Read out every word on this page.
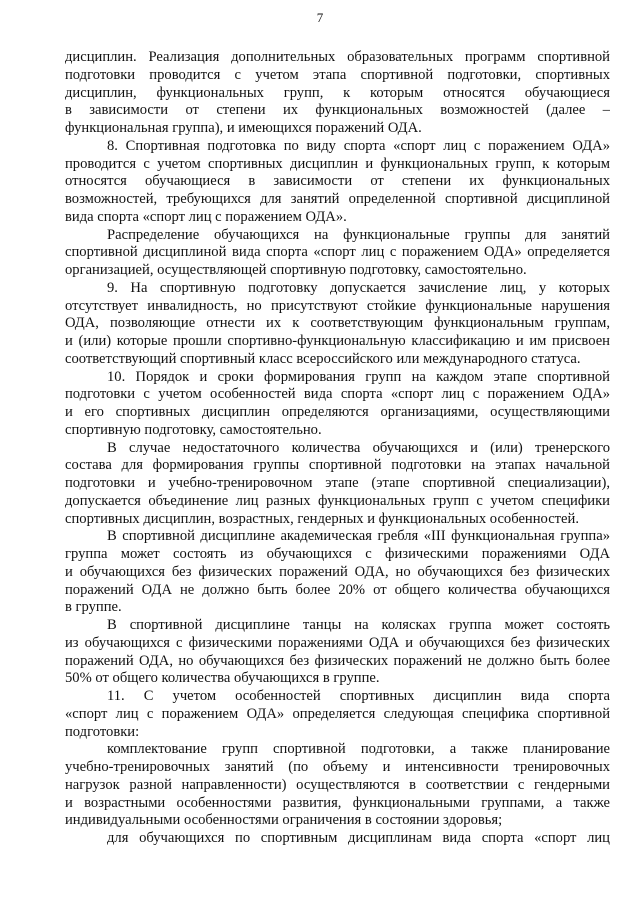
7
дисциплин. Реализация дополнительных образовательных программ спортивной
подготовки проводится с учетом этапа спортивной подготовки, спортивных
дисциплин, функциональных групп, к которым относятся обучающиеся
в зависимости от степени их функциональных возможностей (далее –
функциональная группа), и имеющихся поражений ОДА.
8. Спортивная подготовка по виду спорта «спорт лиц с поражением ОДА»
проводится с учетом спортивных дисциплин и функциональных групп, к которым
относятся обучающиеся в зависимости от степени их функциональных
возможностей, требующихся для занятий определенной спортивной дисциплиной
вида спорта «спорт лиц с поражением ОДА».
Распределение обучающихся на функциональные группы для занятий
спортивной дисциплиной вида спорта «спорт лиц с поражением ОДА» определяется
организацией, осуществляющей спортивную подготовку, самостоятельно.
9. На спортивную подготовку допускается зачисление лиц, у которых
отсутствует инвалидность, но присутствуют стойкие функциональные нарушения
ОДА, позволяющие отнести их к соответствующим функциональным группам,
и (или) которые прошли спортивно-функциональную классификацию и им присвоен
соответствующий спортивный класс всероссийского или международного статуса.
10. Порядок и сроки формирования групп на каждом этапе спортивной
подготовки с учетом особенностей вида спорта «спорт лиц с поражением ОДА»
и его спортивных дисциплин определяются организациями, осуществляющими
спортивную подготовку, самостоятельно.
В случае недостаточного количества обучающихся и (или) тренерского
состава для формирования группы спортивной подготовки на этапах начальной
подготовки и учебно-тренировочном этапе (этапе спортивной специализации),
допускается объединение лиц разных функциональных групп с учетом специфики
спортивных дисциплин, возрастных, гендерных и функциональных особенностей.
В спортивной дисциплине академическая гребля «III функциональная группа»
группа может состоять из обучающихся с физическими поражениями ОДА
и обучающихся без физических поражений ОДА, но обучающихся без физических
поражений ОДА не должно быть более 20% от общего количества обучающихся
в группе.
В спортивной дисциплине танцы на колясках группа может состоять
из обучающихся с физическими поражениями ОДА и обучающихся без физических
поражений ОДА, но обучающихся без физических поражений не должно быть более
50% от общего количества обучающихся в группе.
11. С учетом особенностей спортивных дисциплин вида спорта
«спорт лиц с поражением ОДА» определяется следующая специфика спортивной
подготовки:
комплектование групп спортивной подготовки, а также планирование
учебно-тренировочных занятий (по объему и интенсивности тренировочных
нагрузок разной направленности) осуществляются в соответствии с гендерными
и возрастными особенностями развития, функциональными группами, а также
индивидуальными особенностями ограничения в состоянии здоровья;
для обучающихся по спортивным дисциплинам вида спорта «спорт лиц
